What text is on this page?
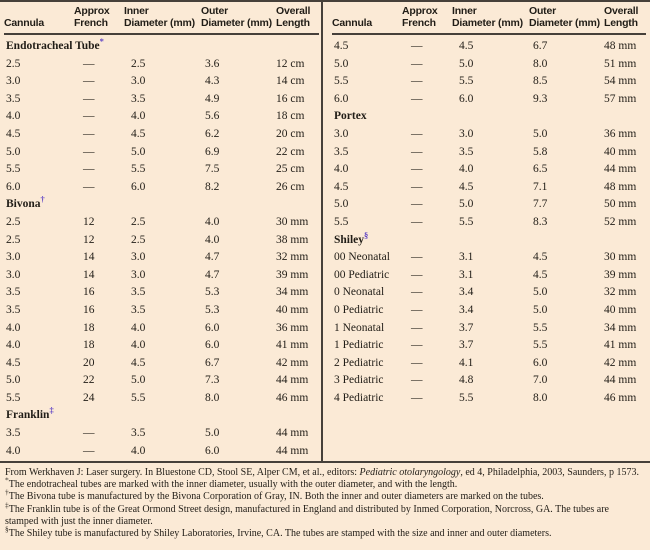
Cannula

Approx
French

Inner
Diameter (mm)

Outer
Diameter (mm)

Overall
Length

Endotracheal Tube*
2.5	—	2.5	3.6	12 cm
3.0	—	3.0	4.3	14 cm
3.5	—	3.5	4.9	16 cm
4.0	—	4.0	5.6	18 cm
4.5	—	4.5	6.2	20 cm
5.0	—	5.0	6.9	22 cm
5.5	—	5.5	7.5	25 cm
6.0	—	6.0	8.2	26 cm
Bivona†
2.5	12	2.5	4.0	30 mm
2.5	12	2.5	4.0	38 mm
3.0	14	3.0	4.7	32 mm
3.0	14	3.0	4.7	39 mm
3.5	16	3.5	5.3	34 mm
3.5	16	3.5	5.3	40 mm
4.0	18	4.0	6.0	36 mm
4.0	18	4.0	6.0	41 mm
4.5	20	4.5	6.7	42 mm
5.0	22	5.0	7.3	44 mm
5.5	24	5.5	8.0	46 mm
Franklin‡
3.5	—	3.5	5.0	44 mm
4.0	—	4.0	6.0	44 mm
Cannula

Approx
French

Inner
Diameter (mm)

Outer
Diameter (mm)

Overall
Length

4.5	—	4.5	6.7	48 mm
5.0	—	5.0	8.0	51 mm
5.5	—	5.5	8.5	54 mm
6.0	—	6.0	9.3	57 mm
Portex				
3.0	—	3.0	5.0	36 mm
3.5	—	3.5	5.8	40 mm
4.0	—	4.0	6.5	44 mm
4.5	—	4.5	7.1	48 mm
5.0	—	5.0	7.7	50 mm
5.5	—	5.5	8.3	52 mm
Shiley§
00 Neonatal	—	3.1	4.5	30 mm
00 Pediatric	—	3.1	4.5	39 mm
0 Neonatal	—	3.4	5.0	32 mm
0 Pediatric	—	3.4	5.0	40 mm
1 Neonatal	—	3.7	5.5	34 mm
1 Pediatric	—	3.7	5.5	41 mm
2 Pediatric	—	4.1	6.0	42 mm
3 Pediatric	—	4.8	7.0	44 mm
4 Pediatric	—	5.5	8.0	46 mm

From Werkhaven J: Laser surgery. In Bluestone CD, Stool SE, Alper CM, et al., editors: Pediatric otolaryngology, ed 4, Philadelphia, 2003, Saunders, p 1573.

*The endotracheal tubes are marked with the inner diameter, usually with the outer diameter, and with the length.

†The Bivona tube is manufactured by the Bivona Corporation of Gray, IN. Both the inner and outer diameters are marked on the tubes.

‡The Franklin tube is of the Great Ormond Street design, manufactured in England and distributed by Inmed Corporation, Norcross, GA. The tubes are stamped with just the inner diameter.

§The Shiley tube is manufactured by Shiley Laboratories, Irvine, CA. The tubes are stamped with the size and inner and outer diameters.
